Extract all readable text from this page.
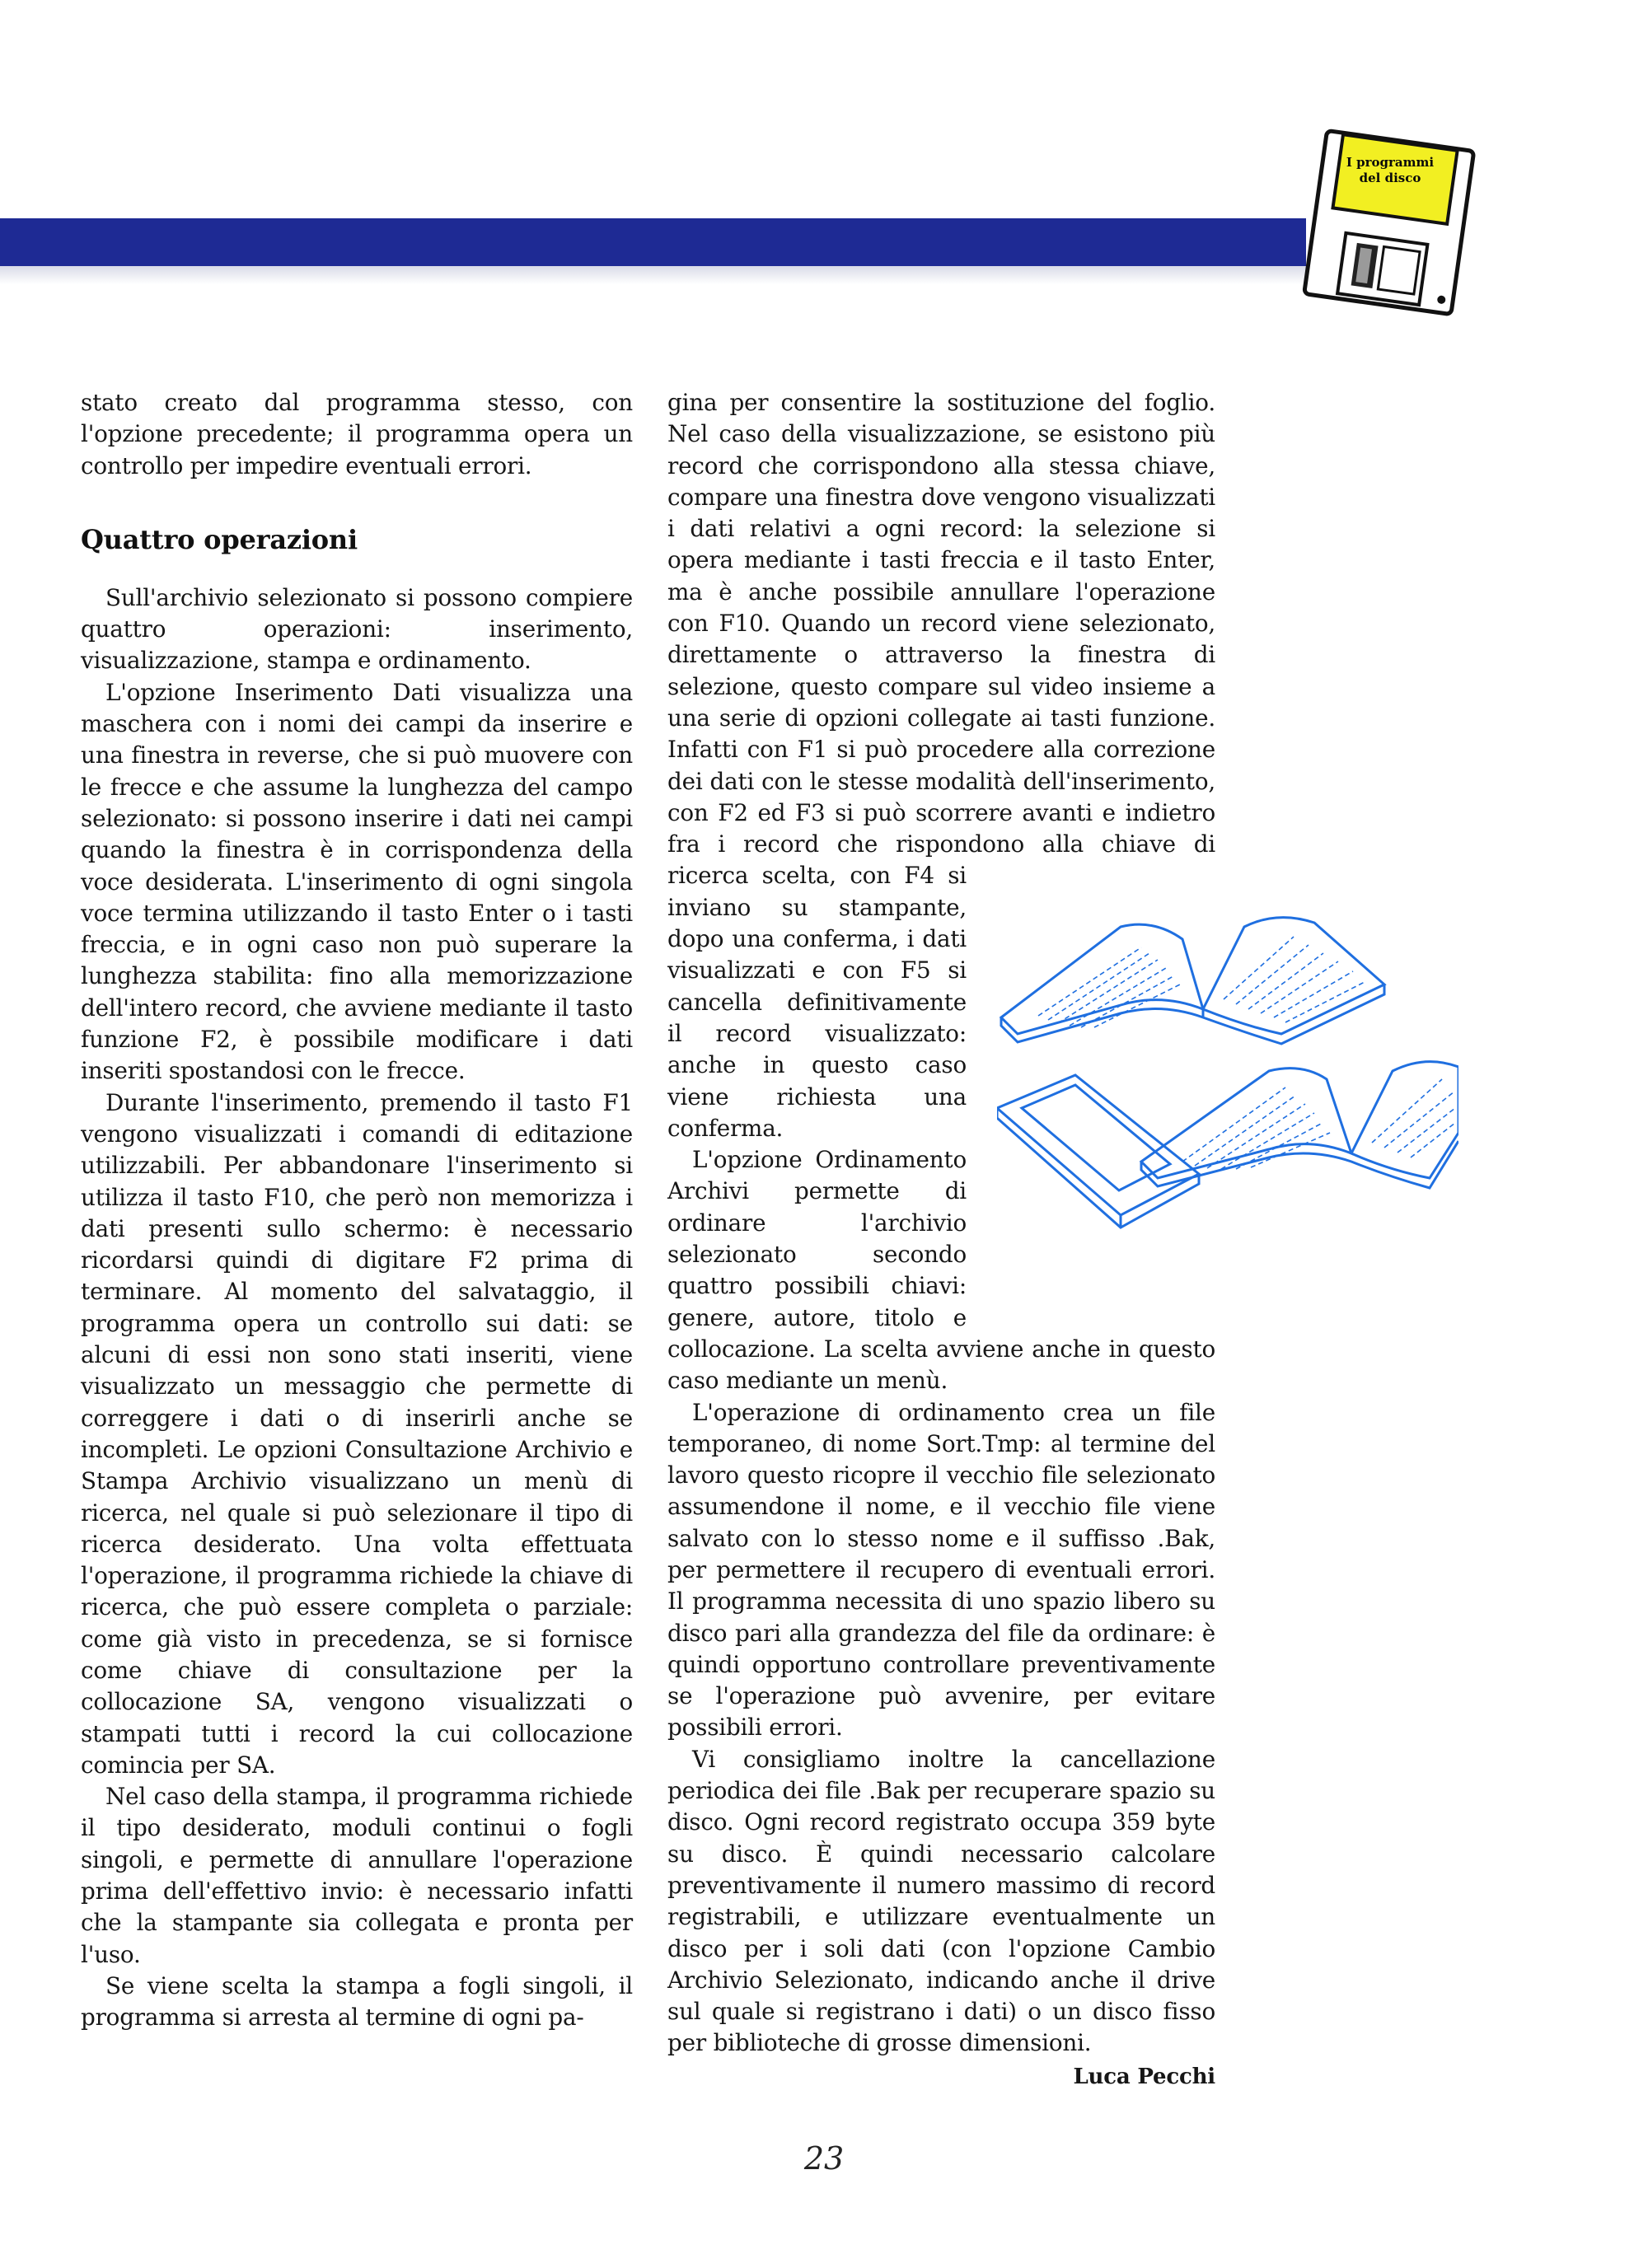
I programmi del disco

stato creato dal programma stesso, con l'opzione precedente; il programma opera un controllo per impedire eventuali errori.

Quattro operazioni

Sull'archivio selezionato si possono compiere quattro operazioni: inserimento, visualizzazione, stampa e ordinamento.

L'opzione Inserimento Dati visualizza una maschera con i nomi dei campi da inserire e una finestra in reverse, che si può muovere con le frecce e che assume la lunghezza del campo selezionato: si possono inserire i dati nei campi quando la finestra è in corrispondenza della voce desiderata. L'inserimento di ogni singola voce termina utilizzando il tasto Enter o i tasti freccia, e in ogni caso non può superare la lunghezza stabilita: fino alla memorizzazione dell'intero record, che avviene mediante il tasto funzione F2, è possibile modificare i dati inseriti spostandosi con le frecce.

Durante l'inserimento, premendo il tasto F1 vengono visualizzati i comandi di editazione utilizzabili. Per abbandonare l'inserimento si utilizza il tasto F10, che però non memorizza i dati presenti sullo schermo: è necessario ricordarsi quindi di digitare F2 prima di terminare. Al momento del salvataggio, il programma opera un controllo sui dati: se alcuni di essi non sono stati inseriti, viene visualizzato un messaggio che permette di correggere i dati o di inserirli anche se incompleti. Le opzioni Consultazione Archivio e Stampa Archivio visualizzano un menù di ricerca, nel quale si può selezionare il tipo di ricerca desiderato. Una volta effettuata l'operazione, il programma richiede la chiave di ricerca, che può essere completa o parziale: come già visto in precedenza, se si fornisce come chiave di consultazione per la collocazione SA, vengono visualizzati o stampati tutti i record la cui collocazione comincia per SA.

Nel caso della stampa, il programma richiede il tipo desiderato, moduli continui o fogli singoli, e permette di annullare l'operazione prima dell'effettivo invio: è necessario infatti che la stampante sia collegata e pronta per l'uso.

Se viene scelta la stampa a fogli singoli, il programma si arresta al termine di ogni pa-

gina per consentire la sostituzione del foglio. Nel caso della visualizzazione, se esistono più record che corrispondono alla stessa chiave, compare una finestra dove vengono visualizzati i dati relativi a ogni record: la selezione si opera mediante i tasti freccia e il tasto Enter, ma è anche possibile annullare l'operazione con F10. Quando un record viene selezionato, direttamente o attraverso la finestra di selezione, questo compare sul video insieme a una serie di opzioni collegate ai tasti funzione. Infatti con F1 si può procedere alla correzione dei dati con le stesse modalità dell'inserimento, con F2 ed F3 si può scorrere avanti e indietro fra i record che rispondono alla chiave di ricerca scelta, con F4 si inviano su stampante, dopo una conferma, i dati visualizzati e con F5 si cancella definitivamente il record visualizzato: anche in questo caso viene richiesta una conferma.

L'opzione Ordinamento Archivi permette di ordinare l'archivio selezionato secondo quattro possibili chiavi: genere, autore, titolo e collocazione. La scelta avviene anche in questo caso mediante un menù.

L'operazione di ordinamento crea un file temporaneo, di nome Sort.Tmp: al termine del lavoro questo ricopre il vecchio file selezionato assumendone il nome, e il vecchio file viene salvato con lo stesso nome e il suffisso .Bak, per permettere il recupero di eventuali errori. Il programma necessita di uno spazio libero su disco pari alla grandezza del file da ordinare: è quindi opportuno controllare preventivamente se l'operazione può avvenire, per evitare possibili errori.

Vi consigliamo inoltre la cancellazione periodica dei file .Bak per recuperare spazio su disco. Ogni record registrato occupa 359 byte su disco. È quindi necessario calcolare preventivamente il numero massimo di record registrabili, e utilizzare eventualmente un disco per i soli dati (con l'opzione Cambio Archivio Selezionato, indicando anche il drive sul quale si registrano i dati) o un disco fisso per biblioteche di grosse dimensioni.

Luca Pecchi

23
